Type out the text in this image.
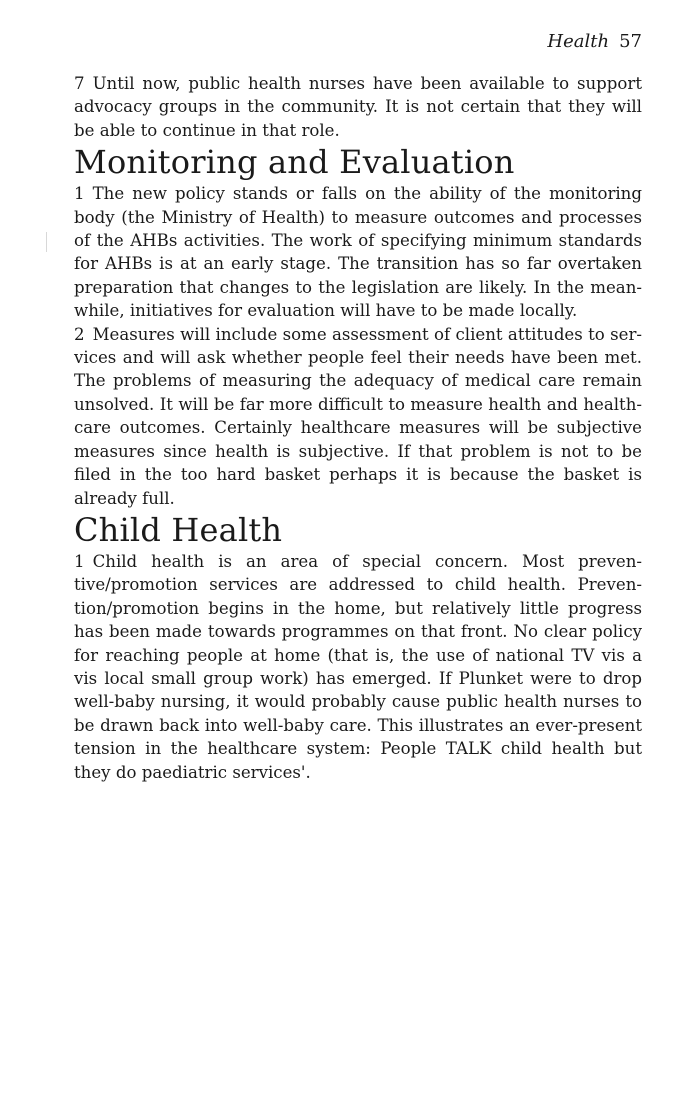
Health 57

7 Until now, public health nurses have been available to support advocacy groups in the community. It is not certain that they will be able to continue in that role.

Monitoring and Evaluation

1 The new policy stands or falls on the ability of the monitoring body (the Ministry of Health) to measure outcomes and processes of the AHBs activities. The work of specifying minimum standards for AHBs is at an early stage. The transition has so far overtaken preparation that changes to the legislation are likely. In the meanwhile, initiatives for evaluation will have to be made locally.

2 Measures will include some assessment of client attitudes to services and will ask whether people feel their needs have been met. The problems of measuring the adequacy of medical care remain unsolved. It will be far more difficult to measure health and health-care outcomes. Certainly healthcare measures will be subjective measures since health is subjective. If that problem is not to be filed in the too hard basket perhaps it is because the basket is already full.

Child Health

1 Child health is an area of special concern. Most preventive/promotion services are addressed to child health. Prevention/promotion begins in the home, but relatively little progress has been made towards programmes on that front. No clear policy for reaching people at home (that is, the use of national TV vis a vis local small group work) has emerged. If Plunket were to drop well-baby nursing, it would probably cause public health nurses to be drawn back into well-baby care. This illustrates an ever-present tension in the healthcare system: People TALK child health but they do paediatric services'.
